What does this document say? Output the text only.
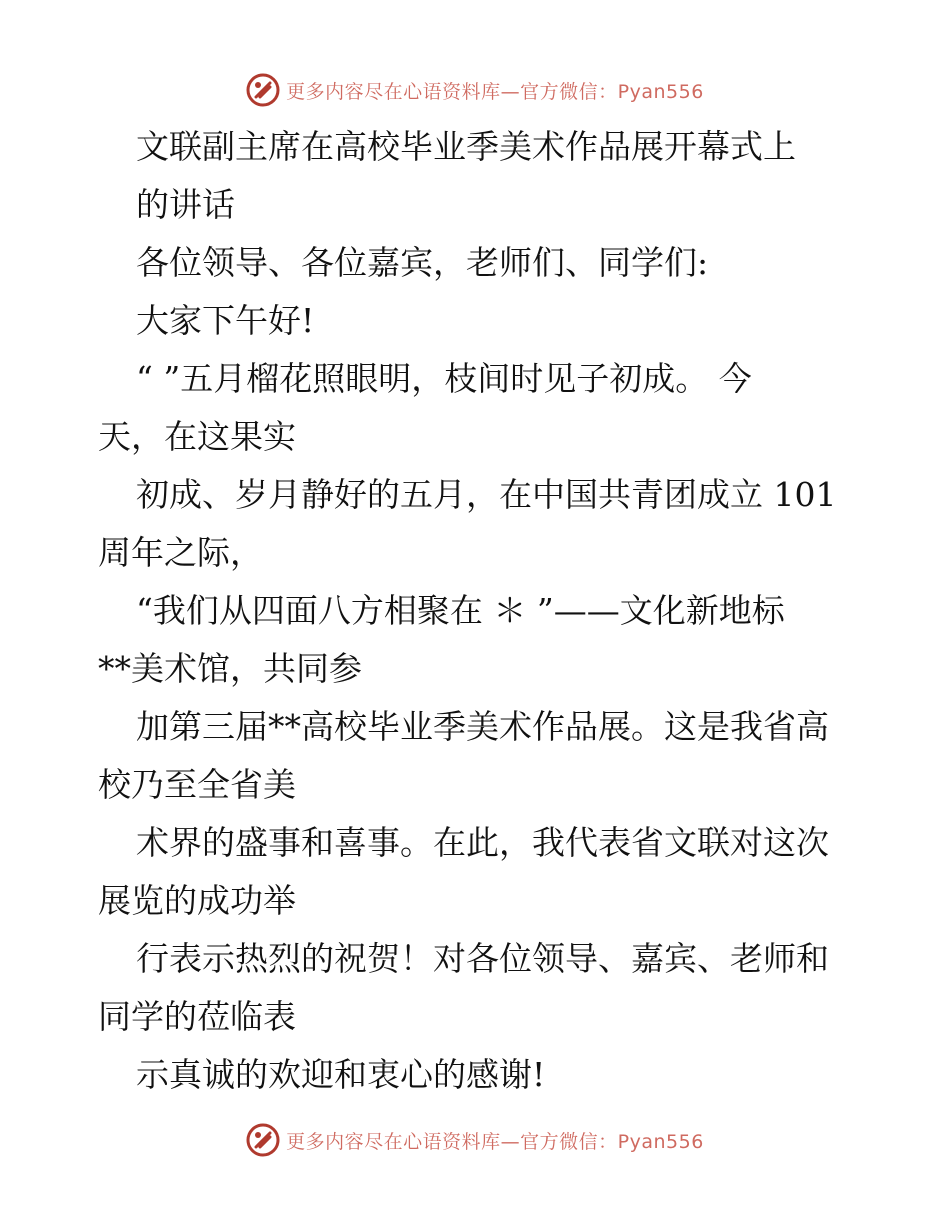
更多内容尽在心语资料库—官方微信：Pyan556
文联副主席在高校毕业季美术作品展开幕式上
的讲话
各位领导、各位嘉宾，老师们、同学们:
大家下午好!
“ ”五月榴花照眼明，枝间时见子初成。 今
天，在这果实
初成、岁月静好的五月，在中国共青团成立 101
周年之际，
“我们从四面八方相聚在 ＊ ”——文化新地标
**美术馆，共同参
加第三届**高校毕业季美术作品展。这是我省高
校乃至全省美
术界的盛事和喜事。在此，我代表省文联对这次
展览的成功举
行表示热烈的祝贺！对各位领导、嘉宾、老师和
同学的莅临表
示真诚的欢迎和衷心的感谢!
更多内容尽在心语资料库—官方微信：Pyan556
